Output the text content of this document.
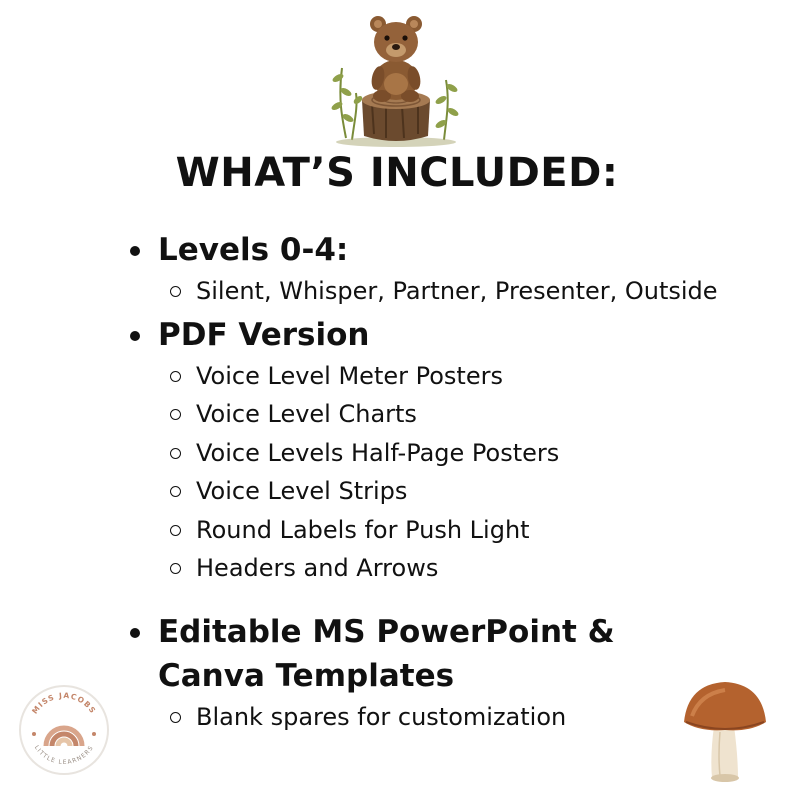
WHAT’S INCLUDED:
Levels 0-4:
Silent, Whisper, Partner, Presenter, Outside
PDF Version
Voice Level Meter Posters
Voice Level Charts
Voice Levels Half-Page Posters
Voice Level Strips
Round Labels for Push Light
Headers and Arrows
Editable MS PowerPoint &
Canva Templates
Blank spares for customization
MISS JACOBS
LITTLE LEARNERS
